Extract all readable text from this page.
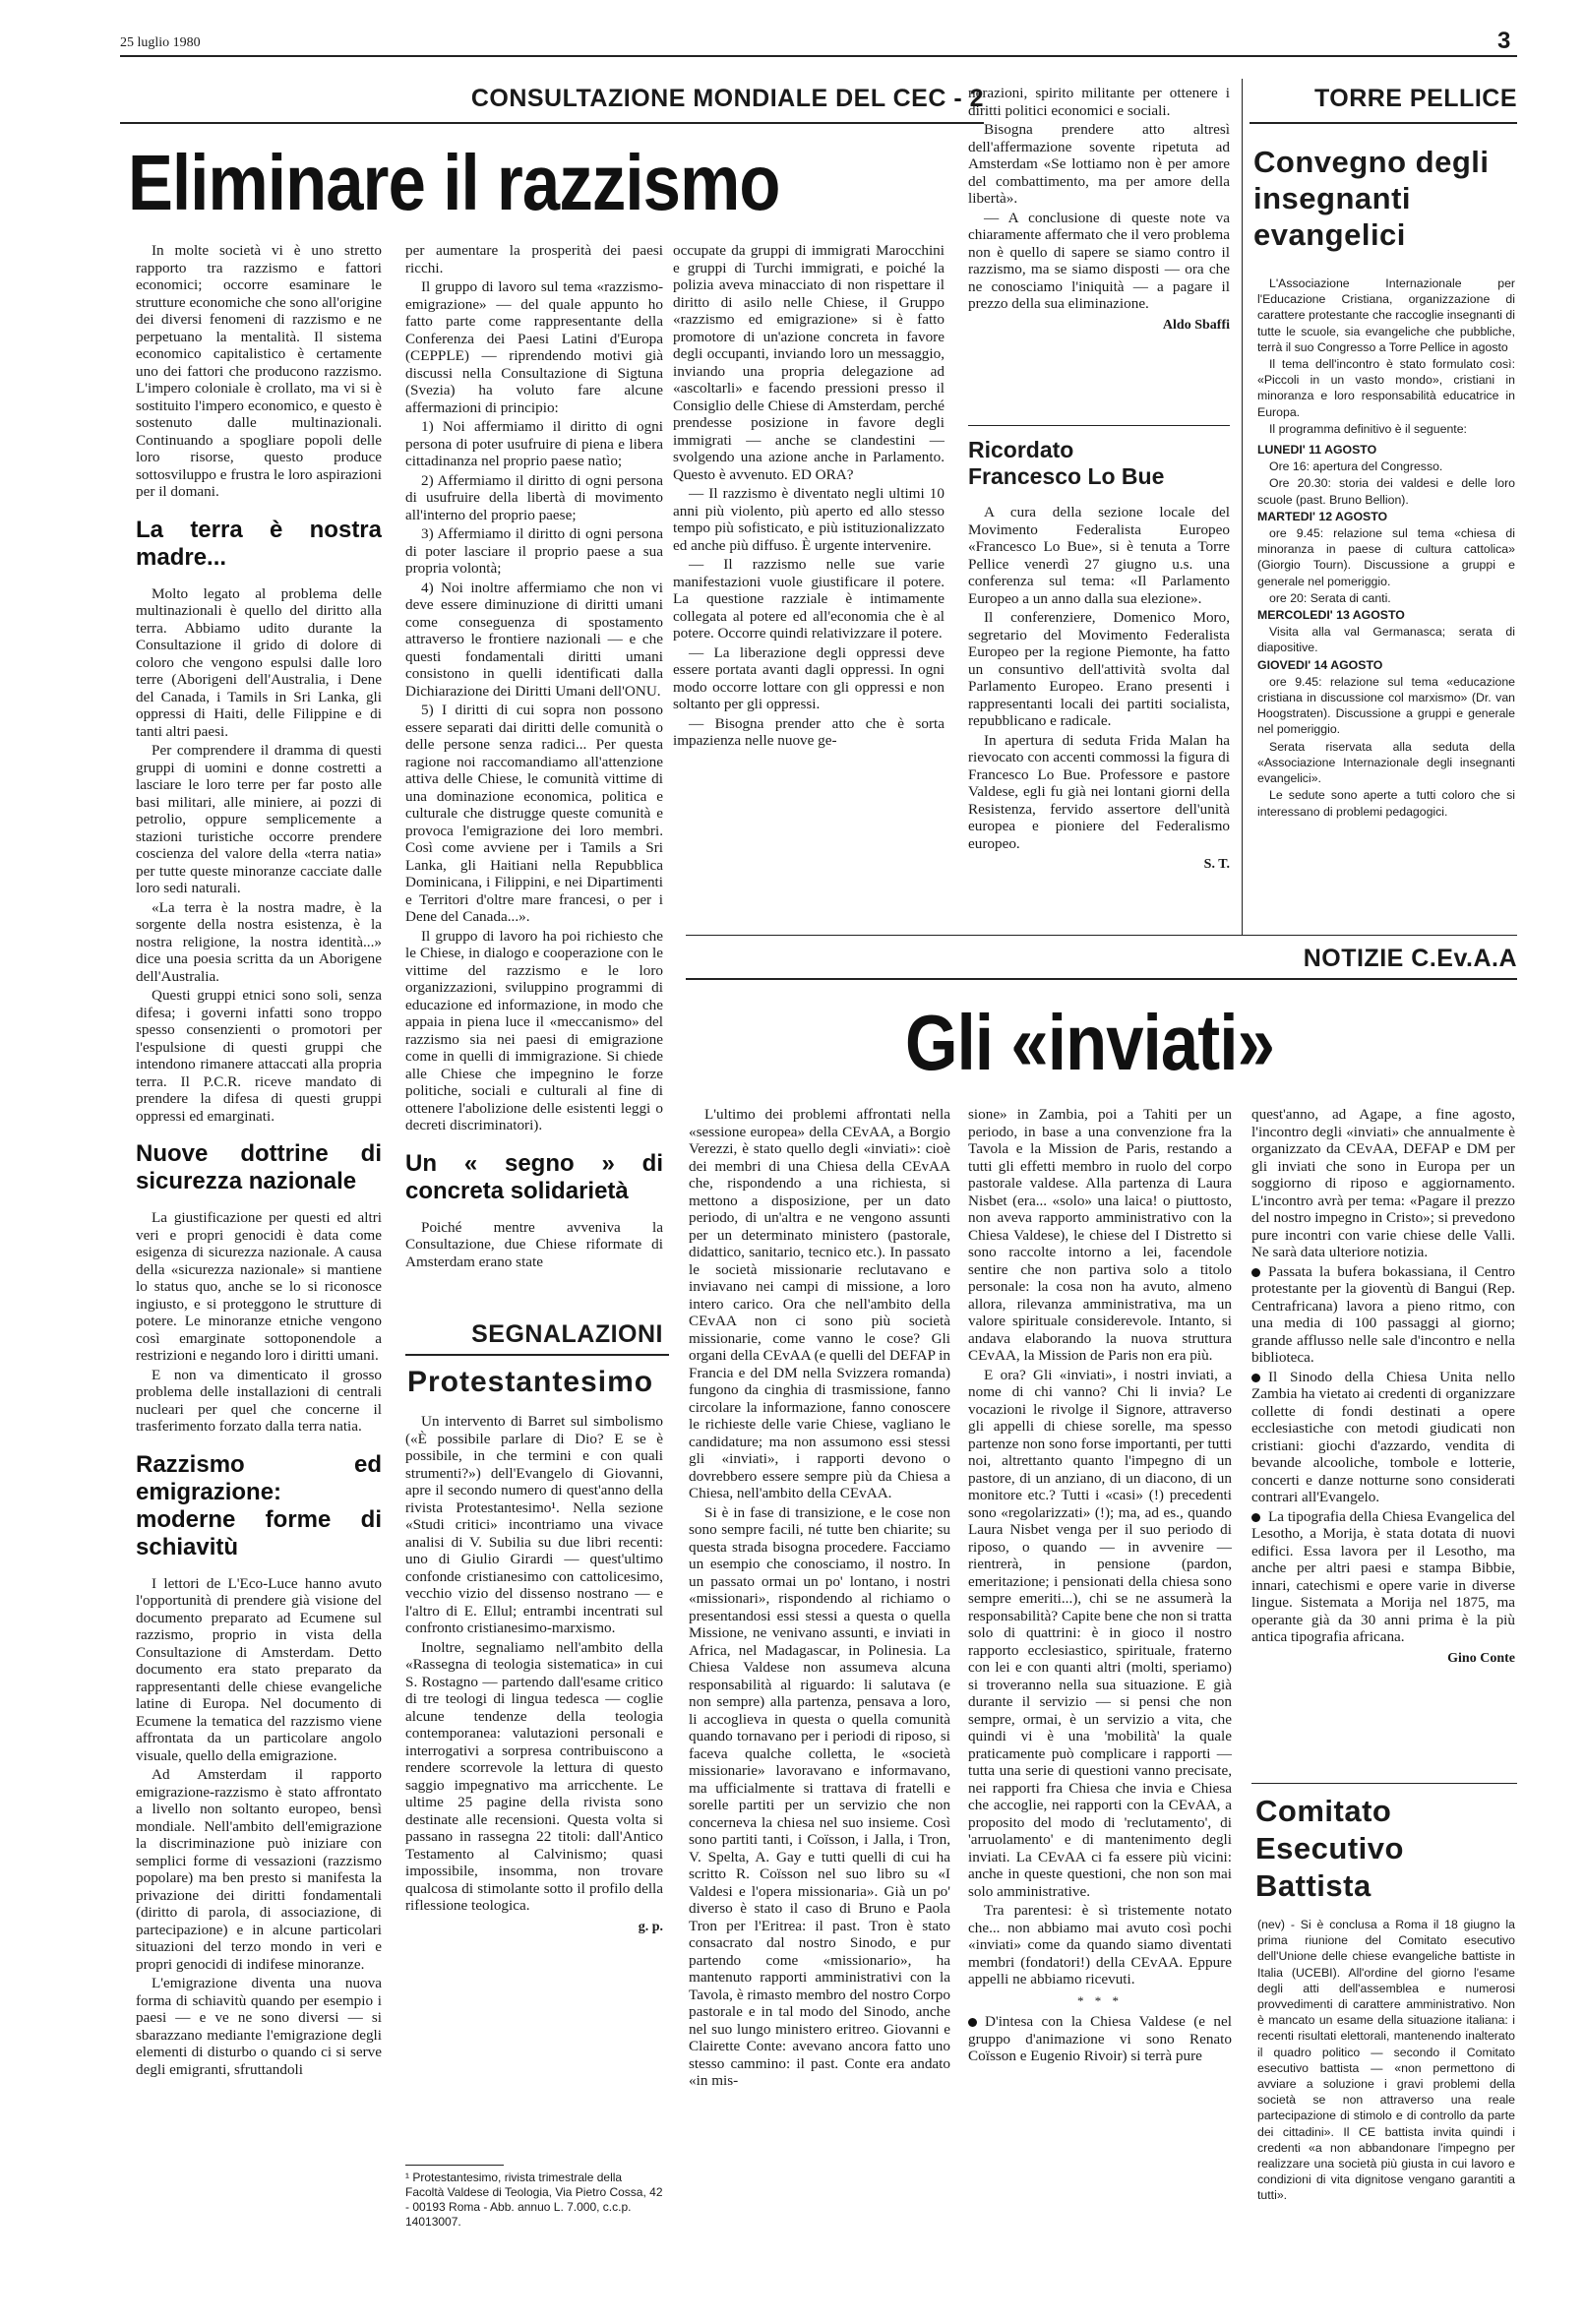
25 luglio 1980	3
CONSULTAZIONE MONDIALE DEL CEC - 2
Eliminare il razzismo

In molte società vi è uno stretto rapporto tra razzismo e fattori economici; occorre esaminare le strutture economiche che sono all'origine dei diversi fenomeni di razzismo e ne perpetuano la mentalità. Il sistema economico capitalistico è certamente uno dei fattori che producono razzismo. L'impero coloniale è crollato, ma vi si è sostituito l'impero economico, e questo è sostenuto dalle multinazionali. Continuando a spogliare popoli delle loro risorse, questo produce sottosviluppo e frustra le loro aspirazioni per il domani.

La terra è nostra madre...

Molto legato al problema delle multinazionali è quello del diritto alla terra. Abbiamo udito durante la Consultazione il grido di dolore di coloro che vengono espulsi dalle loro terre (Aborigeni dell'Australia, i Dene del Canada, i Tamils in Sri Lanka, gli oppressi di Haiti, delle Filippine e di tanti altri paesi.

Per comprendere il dramma di questi gruppi di uomini e donne costretti a lasciare le loro terre per far posto alle basi militari, alle miniere, ai pozzi di petrolio, oppure semplicemente a stazioni turistiche occorre prendere coscienza del valore della «terra natia» per tutte queste minoranze cacciate dalle loro sedi naturali.

«La terra è la nostra madre, è la sorgente della nostra esistenza, è la nostra religione, la nostra identità...» dice una poesia scritta da un Aborigene dell'Australia.

Questi gruppi etnici sono soli, senza difesa; i governi infatti sono troppo spesso consenzienti o promotori per l'espulsione di questi gruppi che intendono rimanere attaccati alla propria terra. Il P.C.R. riceve mandato di prendere la difesa di questi gruppi oppressi ed emarginati.

Nuove dottrine di sicurezza nazionale

La giustificazione per questi ed altri veri e propri genocidi è data come esigenza di sicurezza nazionale. A causa della «sicurezza nazionale» si mantiene lo status quo, anche se lo si riconosce ingiusto, e si proteggono le strutture di potere. Le minoranze etniche vengono così emarginate sottoponendole a restrizioni e negando loro i diritti umani.

E non va dimenticato il grosso problema delle installazioni di centrali nucleari per quel che concerne il trasferimento forzato dalla terra natia.

Razzismo ed emigrazione: moderne forme di schiavitù

I lettori de L'Eco-Luce hanno avuto l'opportunità di prendere già visione del documento preparato ad Ecumene sul razzismo, proprio in vista della Consultazione di Amsterdam. Detto documento era stato preparato da rappresentanti delle chiese evangeliche latine di Europa. Nel documento di Ecumene la tematica del razzismo viene affrontata da un particolare angolo visuale, quello della emigrazione.

Ad Amsterdam il rapporto emigrazione-razzismo è stato affrontato a livello non soltanto europeo, bensì mondiale. Nell'ambito dell'emigrazione la discriminazione può iniziare con semplici forme di vessazioni (razzismo popolare) ma ben presto si manifesta la privazione dei diritti fondamentali (diritto di parola, di associazione, di partecipazione) e in alcune particolari situazioni del terzo mondo in veri e propri genocidi di indifese minoranze.

L'emigrazione diventa una nuova forma di schiavitù quando per esempio i paesi — e ve ne sono diversi — si sbarazzano mediante l'emigrazione degli elementi di disturbo o quando ci si serve degli emigranti, sfruttandoli

per aumentare la prosperità dei paesi ricchi.

Il gruppo di lavoro sul tema «razzismo-emigrazione» — del quale appunto ho fatto parte come rappresentante della Conferenza dei Paesi Latini d'Europa (CEPPLE) — riprendendo motivi già discussi nella Consultazione di Sigtuna (Svezia) ha voluto fare alcune affermazioni di principio:

1) Noi affermiamo il diritto di ogni persona di poter usufruire di piena e libera cittadinanza nel proprio paese natìo;

2) Affermiamo il diritto di ogni persona di usufruire della libertà di movimento all'interno del proprio paese;

3) Affermiamo il diritto di ogni persona di poter lasciare il proprio paese a sua propria volontà;

4) Noi inoltre affermiamo che non vi deve essere diminuzione di diritti umani come conseguenza di spostamento attraverso le frontiere nazionali — e che questi fondamentali diritti umani consistono in quelli identificati dalla Dichiarazione dei Diritti Umani dell'ONU.

5) I diritti di cui sopra non possono essere separati dai diritti delle comunità o delle persone senza radici... Per questa ragione noi raccomandiamo all'attenzione attiva delle Chiese, le comunità vittime di una dominazione economica, politica e culturale che distrugge queste comunità e provoca l'emigrazione dei loro membri. Così come avviene per i Tamils a Sri Lanka, gli Haitiani nella Repubblica Dominicana, i Filippini, e nei Dipartimenti e Territori d'oltre mare francesi, o per i Dene del Canada...».

Il gruppo di lavoro ha poi richiesto che le Chiese, in dialogo e cooperazione con le vittime del razzismo e le loro organizzazioni, sviluppino programmi di educazione ed informazione, in modo che appaia in piena luce il «meccanismo» del razzismo sia nei paesi di emigrazione come in quelli di immigrazione. Si chiede alle Chiese che impegnino le forze politiche, sociali e culturali al fine di ottenere l'abolizione delle esistenti leggi o decreti discriminatori).

Un « segno » di concreta solidarietà

Poiché mentre avveniva la Consultazione, due Chiese riformate di Amsterdam erano state

occupate da gruppi di immigrati Marocchini e gruppi di Turchi immigrati, e poiché la polizia aveva minacciato di non rispettare il diritto di asilo nelle Chiese, il Gruppo «razzismo ed emigrazione» si è fatto promotore di un'azione concreta in favore degli occupanti, inviando loro un messaggio, inviando una propria delegazione ad «ascoltarli» e facendo pressioni presso il Consiglio delle Chiese di Amsterdam, perché prendesse posizione in favore degli immigrati — anche se clandestini — svolgendo una azione anche in Parlamento. Questo è avvenuto. ED ORA?

— Il razzismo è diventato negli ultimi 10 anni più violento, più aperto ed allo stesso tempo più sofisticato, e più istituzionalizzato ed anche più diffuso. È urgente intervenire.

— Il razzismo nelle sue varie manifestazioni vuole giustificare il potere. La questione razziale è intimamente collegata al potere ed all'economia che è al potere. Occorre quindi relativizzare il potere.

— La liberazione degli oppressi deve essere portata avanti dagli oppressi. In ogni modo occorre lottare con gli oppressi e non soltanto per gli oppressi.

— Bisogna prender atto che è sorta impazienza nelle nuove ge-

nerazioni, spirito militante per ottenere i diritti politici economici e sociali.

Bisogna prendere atto altresì dell'affermazione sovente ripetuta ad Amsterdam «Se lottiamo non è per amore del combattimento, ma per amore della libertà».

— A conclusione di queste note va chiaramente affermato che il vero problema non è quello di sapere se siamo contro il razzismo, ma se siamo disposti — ora che ne conosciamo l'iniquità — a pagare il prezzo della sua eliminazione.

Aldo Sbaffi
Ricordato Francesco Lo Bue

A cura della sezione locale del Movimento Federalista Europeo «Francesco Lo Bue», si è tenuta a Torre Pellice venerdì 27 giugno u.s. una conferenza sul tema: «Il Parlamento Europeo a un anno dalla sua elezione».

Il conferenziere, Domenico Moro, segretario del Movimento Federalista Europeo per la regione Piemonte, ha fatto un consuntivo dell'attività svolta dal Parlamento Europeo. Erano presenti i rappresentanti locali dei partiti socialista, repubblicano e radicale.

In apertura di seduta Frida Malan ha rievocato con accenti commossi la figura di Francesco Lo Bue. Professore e pastore Valdese, egli fu già nei lontani giorni della Resistenza, fervido assertore dell'unità europea e pioniere del Federalismo europeo.

S. T.
TORRE PELLICE
Convegno degli insegnanti evangelici

L'Associazione Internazionale per l'Educazione Cristiana, organizzazione di carattere protestante che raccoglie insegnanti di tutte le scuole, sia evangeliche che pubbliche, terrà il suo Congresso a Torre Pellice in agosto

Il tema dell'incontro è stato formulato così: «Piccoli in un vasto mondo», cristiani in minoranza e loro responsabilità educatrice in Europa.

Il programma definitivo è il seguente:

LUNEDI' 11 AGOSTO

Ore 16: apertura del Congresso.

Ore 20.30: storia dei valdesi e delle loro scuole (past. Bruno Bellion).

MARTEDI' 12 AGOSTO

ore 9.45: relazione sul tema «chiesa di minoranza in paese di cultura cattolica» (Giorgio Tourn). Discussione a gruppi e generale nel pomeriggio.

ore 20: Serata di canti.

MERCOLEDI' 13 AGOSTO

Visita alla val Germanasca; serata di diapositive.

GIOVEDI' 14 AGOSTO

ore 9.45: relazione sul tema «educazione cristiana in discussione col marxismo» (Dr. van Hoogstraten). Discussione a gruppi e generale nel pomeriggio.

Serata riservata alla seduta della «Associazione Internazionale degli insegnanti evangelici».

Le sedute sono aperte a tutti coloro che si interessano di problemi pedagogici.

NOTIZIE C.Ev.A.A
Gli «inviati»
SEGNALAZIONI
Protestantesimo

Un intervento di Barret sul simbolismo («È possibile parlare di Dio? E se è possibile, in che termini e con quali strumenti?») dell'Evangelo di Giovanni, apre il secondo numero di quest'anno della rivista Protestantesimo¹. Nella sezione «Studi critici» incontriamo una vivace analisi di V. Subilia su due libri recenti: uno di Giulio Girardi — quest'ultimo confonde cristianesimo con cattolicesimo, vecchio vizio del dissenso nostrano — e l'altro di E. Ellul; entrambi incentrati sul confronto cristianesimo-marxismo.

Inoltre, segnaliamo nell'ambito della «Rassegna di teologia sistematica» in cui S. Rostagno — partendo dall'esame critico di tre teologi di lingua tedesca — coglie alcune tendenze della teologia contemporanea: valutazioni personali e interrogativi a sorpresa contribuiscono a rendere scorrevole la lettura di questo saggio impegnativo ma arricchente. Le ultime 25 pagine della rivista sono destinate alle recensioni. Questa volta si passano in rassegna 22 titoli: dall'Antico Testamento al Calvinismo; quasi impossibile, insomma, non trovare qualcosa di stimolante sotto il profilo della riflessione teologica.

g. p.
¹ Protestantesimo, rivista trimestrale della Facoltà Valdese di Teologia, Via Pietro Cossa, 42 - 00193 Roma - Abb. annuo L. 7.000, c.c.p. 14013007.

L'ultimo dei problemi affrontati nella «sessione europea» della CEvAA, a Borgio Verezzi, è stato quello degli «inviati»: cioè dei membri di una Chiesa della CEvAA che, rispondendo a una richiesta, si mettono a disposizione, per un dato periodo, di un'altra e ne vengono assunti per un determinato ministero (pastorale, didattico, sanitario, tecnico etc.). In passato le società missionarie reclutavano e inviavano nei campi di missione, a loro intero carico. Ora che nell'ambito della CEvAA non ci sono più società missionarie, come vanno le cose? Gli organi della CEvAA (e quelli del DEFAP in Francia e del DM nella Svizzera romanda) fungono da cinghia di trasmissione, fanno circolare la informazione, fanno conoscere le richieste delle varie Chiese, vagliano le candidature; ma non assumono essi stessi gli «inviati», i rapporti devono o dovrebbero essere sempre più da Chiesa a Chiesa, nell'ambito della CEvAA.

Si è in fase di transizione, e le cose non sono sempre facili, né tutte ben chiarite; su questa strada bisogna procedere. Facciamo un esempio che conosciamo, il nostro. In un passato ormai un po' lontano, i nostri «missionari», rispondendo al richiamo o presentandosi essi stessi a questa o quella Missione, ne venivano assunti, e inviati in Africa, nel Madagascar, in Polinesia. La Chiesa Valdese non assumeva alcuna responsabilità al riguardo: li salutava (e non sempre) alla partenza, pensava a loro, li accoglieva in questa o quella comunità quando tornavano per i periodi di riposo, si faceva qualche colletta, le «società missionarie» lavoravano e informavano, ma ufficialmente si trattava di fratelli e sorelle partiti per un servizio che non concerneva la chiesa nel suo insieme. Così sono partiti tanti, i Coïsson, i Jalla, i Tron, V. Spelta, A. Gay e tutti quelli di cui ha scritto R. Coïsson nel suo libro su «I Valdesi e l'opera missionaria». Già un po' diverso è stato il caso di Bruno e Paola Tron per l'Eritrea: il past. Tron è stato consacrato dal nostro Sinodo, e pur partendo come «missionario», ha mantenuto rapporti amministrativi con la Tavola, è rimasto membro del nostro Corpo pastorale e in tal modo del Sinodo, anche nel suo lungo ministero eritreo. Giovanni e Clairette Conte: avevano ancora fatto uno stesso cammino: il past. Conte era andato «in mis-

sione» in Zambia, poi a Tahiti per un periodo, in base a una convenzione fra la Tavola e la Mission de Paris, restando a tutti gli effetti membro in ruolo del corpo pastorale valdese. Alla partenza di Laura Nisbet (era... «solo» una laica! o piuttosto, non aveva rapporto amministrativo con la Chiesa Valdese), le chiese del I Distretto si sono raccolte intorno a lei, facendole sentire che non partiva solo a titolo personale: la cosa non ha avuto, almeno allora, rilevanza amministrativa, ma un valore spirituale considerevole. Intanto, si andava elaborando la nuova struttura CEvAA, la Mission de Paris non era più.

E ora? Gli «inviati», i nostri inviati, a nome di chi vanno? Chi li invia? Le vocazioni le rivolge il Signore, attraverso gli appelli di chiese sorelle, ma spesso partenze non sono forse importanti, per tutti noi, altrettanto quanto l'impegno di un pastore, di un anziano, di un diacono, di un monitore etc.? Tutti i «casi» (!) precedenti sono «regolarizzati» (!); ma, ad es., quando Laura Nisbet venga per il suo periodo di riposo, o quando — in avvenire — rientrerà, in pensione (pardon, emeritazione; i pensionati della chiesa sono sempre emeriti...), chi se ne assumerà la responsabilità? Capite bene che non si tratta solo di quattrini: è in gioco il nostro rapporto ecclesiastico, spirituale, fraterno con lei e con quanti altri (molti, speriamo) si troveranno nella sua situazione. E già durante il servizio — si pensi che non sempre, ormai, è un servizio a vita, che quindi vi è una 'mobilità' la quale praticamente può complicare i rapporti — tutta una serie di questioni vanno precisate, nei rapporti fra Chiesa che invia e Chiesa che accoglie, nei rapporti con la CEvAA, a proposito del modo di 'reclutamento', di 'arruolamento' e di mantenimento degli inviati. La CEvAA ci fa essere più vicini: anche in queste questioni, che non son mai solo amministrative.

Tra parentesi: è sì tristemente notato che... non abbiamo mai avuto così pochi «inviati» come da quando siamo diventati membri (fondatori!) della CEvAA. Eppure appelli ne abbiamo ricevuti.

* * *

D'intesa con la Chiesa Valdese (e nel gruppo d'animazione vi sono Renato Coïsson e Eugenio Rivoir) si terrà pure

quest'anno, ad Agape, a fine agosto, l'incontro degli «inviati» che annualmente è organizzato da CEvAA, DEFAP e DM per gli inviati che sono in Europa per un soggiorno di riposo e aggiornamento. L'incontro avrà per tema: «Pagare il prezzo del nostro impegno in Cristo»; si prevedono pure incontri con varie chiese delle Valli. Ne sarà data ulteriore notizia.

Passata la bufera bokassiana, il Centro protestante per la gioventù di Bangui (Rep. Centrafricana) lavora a pieno ritmo, con una media di 100 passaggi al giorno; grande afflusso nelle sale d'incontro e nella biblioteca.

Il Sinodo della Chiesa Unita nello Zambia ha vietato ai credenti di organizzare collette di fondi destinati a opere ecclesiastiche con metodi giudicati non cristiani: giochi d'azzardo, vendita di bevande alcooliche, tombole e lotterie, concerti e danze notturne sono considerati contrari all'Evangelo.

La tipografia della Chiesa Evangelica del Lesotho, a Morija, è stata dotata di nuovi edifici. Essa lavora per il Lesotho, ma anche per altri paesi e stampa Bibbie, innari, catechismi e opere varie in diverse lingue. Sistemata a Morija nel 1875, ma operante già da 30 anni prima è la più antica tipografia africana.

Gino Conte
Comitato Esecutivo Battista

(nev) - Si è conclusa a Roma il 18 giugno la prima riunione del Comitato esecutivo dell'Unione delle chiese evangeliche battiste in Italia (UCEBI). All'ordine del giorno l'esame degli atti dell'assemblea e numerosi provvedimenti di carattere amministrativo. Non è mancato un esame della situazione italiana: i recenti risultati elettorali, mantenendo inalterato il quadro politico — secondo il Comitato esecutivo battista — «non permettono di avviare a soluzione i gravi problemi della società se non attraverso una reale partecipazione di stimolo e di controllo da parte dei cittadini». Il CE battista invita quindi i credenti «a non abbandonare l'impegno per realizzare una società più giusta in cui lavoro e condizioni di vita dignitose vengano garantiti a tutti».
